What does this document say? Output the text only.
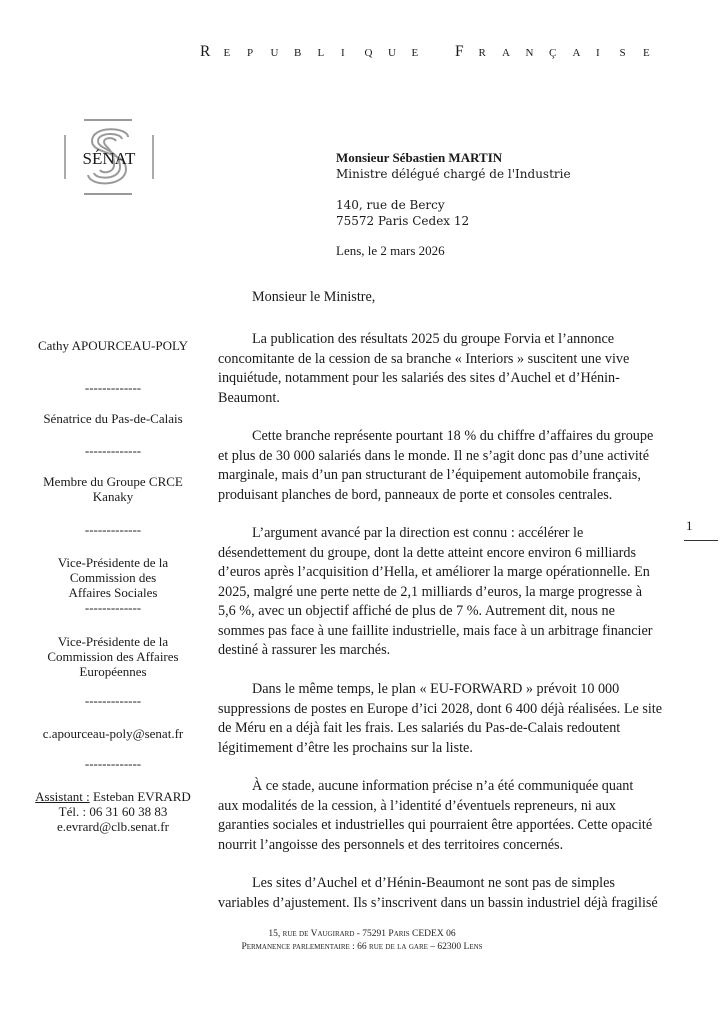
R e p u b l i q u e F r a n ç a i s e
SÉNAT	Monsieur Sébastien MARTIN
Ministre délégué chargé de l'Industrie
140, rue de Bercy
75572 Paris Cedex 12
Lens, le 2 mars 2026
Cathy APOURCEAU-POLY
-------------
Sénatrice du Pas-de-Calais
-------------
Membre du Groupe CRCE
Kanaky
-------------
Vice-Présidente de la
Commission des
Affaires Sociales
-------------
Vice-Présidente de la
Commission des Affaires
Européennes
-------------
c.apourceau-poly@senat.fr
-------------
Assistant : Esteban EVRARD
Tél. : 06 31 60 38 83
e.evrard@clb.senat.fr
Monsieur le Ministre,
La publication des résultats 2025 du groupe Forvia et l’annonce
concomitante de la cession de sa branche « Interiors » suscitent une vive
inquiétude, notamment pour les salariés des sites d’Auchel et d’Hénin-
Beaumont.
Cette branche représente pourtant 18 % du chiffre d’affaires du groupe
et plus de 30 000 salariés dans le monde. Il ne s’agit donc pas d’une activité
marginale, mais d’un pan structurant de l’équipement automobile français,
produisant planches de bord, panneaux de porte et consoles centrales.
L’argument avancé par la direction est connu : accélérer le
désendettement du groupe, dont la dette atteint encore environ 6 milliards
d’euros après l’acquisition d’Hella, et améliorer la marge opérationnelle. En
2025, malgré une perte nette de 2,1 milliards d’euros, la marge progresse à
5,6 %, avec un objectif affiché de plus de 7 %. Autrement dit, nous ne
sommes pas face à une faillite industrielle, mais face à un arbitrage financier
destiné à rassurer les marchés.
Dans le même temps, le plan « EU-FORWARD » prévoit 10 000
suppressions de postes en Europe d’ici 2028, dont 6 400 déjà réalisées. Le site
de Méru en a déjà fait les frais. Les salariés du Pas-de-Calais redoutent
légitimement d’être les prochains sur la liste.
À ce stade, aucune information précise n’a été communiquée quant
aux modalités de la cession, à l’identité d’éventuels repreneurs, ni aux
garanties sociales et industrielles qui pourraient être apportées. Cette opacité
nourrit l’angoisse des personnels et des territoires concernés.
Les sites d’Auchel et d’Hénin-Beaumont ne sont pas de simples
variables d’ajustement. Ils s’inscrivent dans un bassin industriel déjà fragilisé
1
15, rue de Vaugirard - 75291 Paris CEDEX 06
Permanence parlementaire : 66 rue de la gare – 62300 Lens
